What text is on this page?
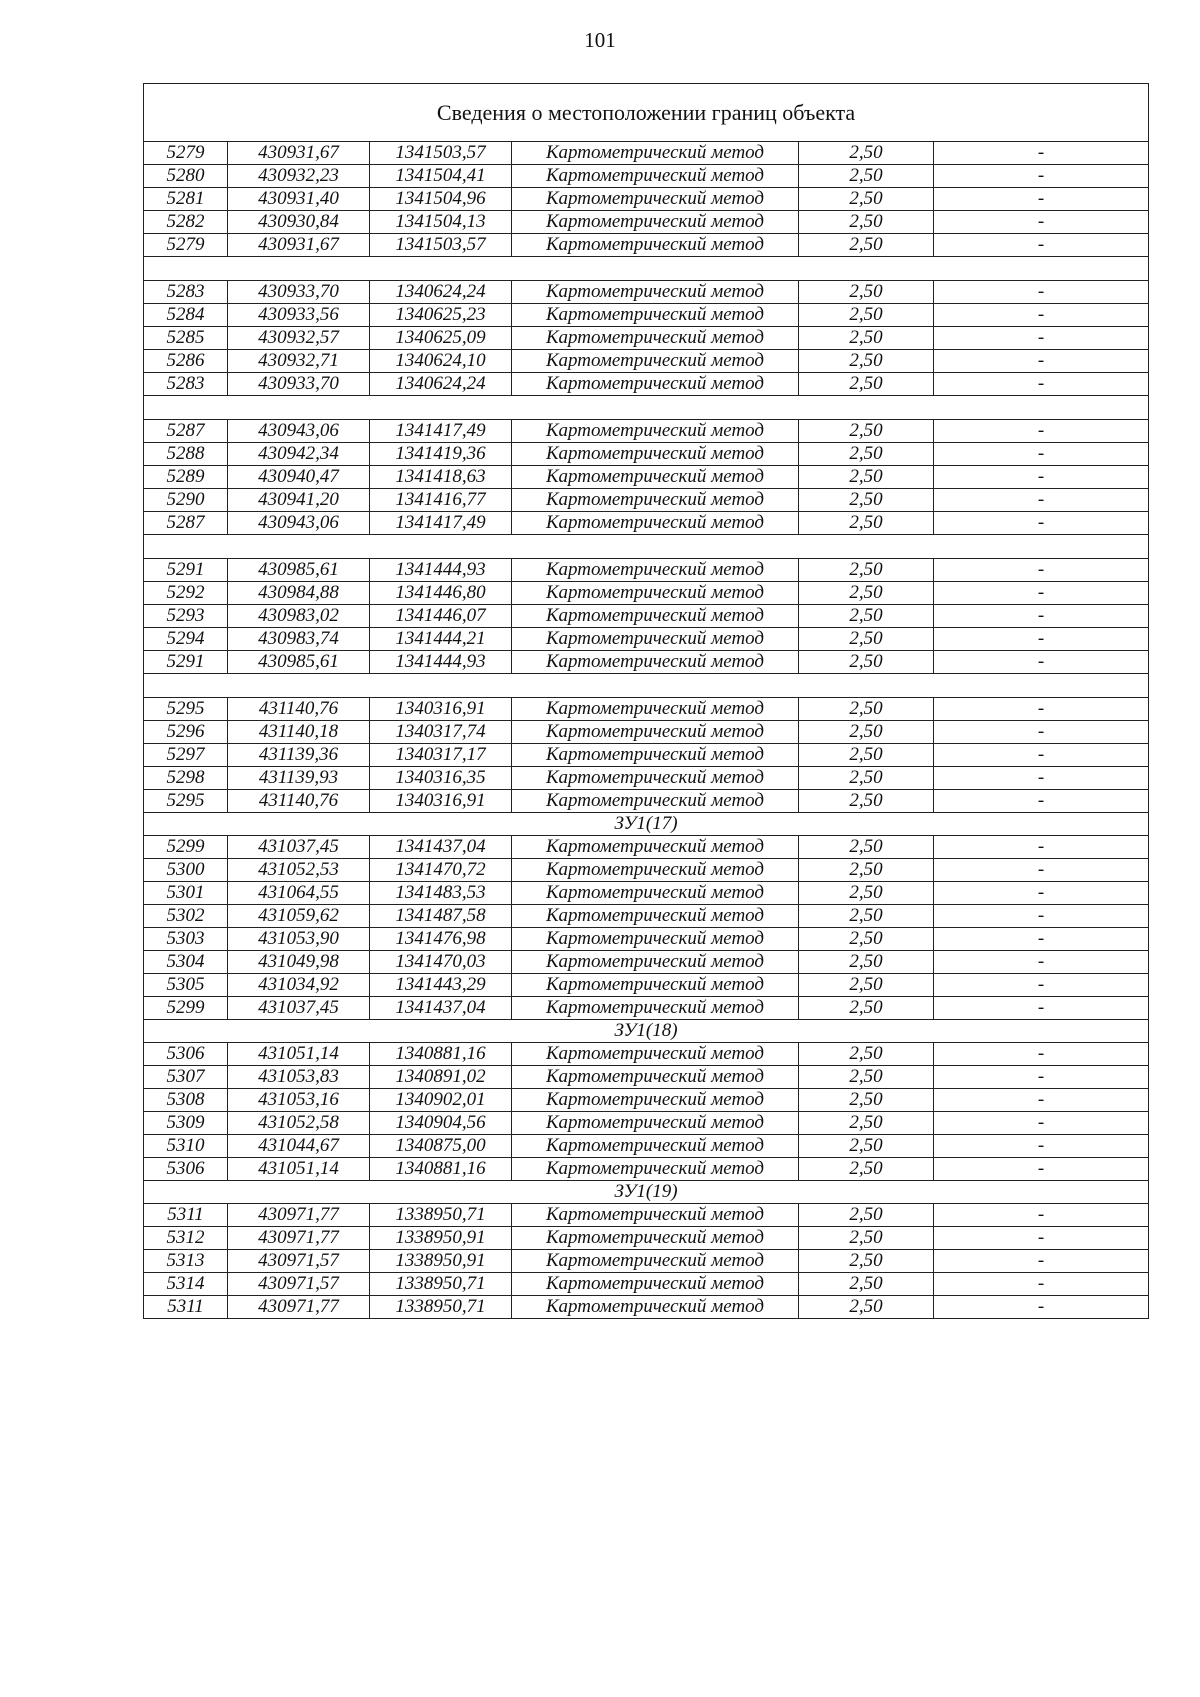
101
Сведения о местоположении границ объекта					
5279	430931,67	1341503,57	Картометрический метод	2,50	-
5280	430932,23	1341504,41	Картометрический метод	2,50	-
5281	430931,40	1341504,96	Картометрический метод	2,50	-
5282	430930,84	1341504,13	Картометрический метод	2,50	-
5279	430931,67	1341503,57	Картометрический метод	2,50	-

5283	430933,70	1340624,24	Картометрический метод	2,50	-
5284	430933,56	1340625,23	Картометрический метод	2,50	-
5285	430932,57	1340625,09	Картометрический метод	2,50	-
5286	430932,71	1340624,10	Картометрический метод	2,50	-
5283	430933,70	1340624,24	Картометрический метод	2,50	-

5287	430943,06	1341417,49	Картометрический метод	2,50	-
5288	430942,34	1341419,36	Картометрический метод	2,50	-
5289	430940,47	1341418,63	Картометрический метод	2,50	-
5290	430941,20	1341416,77	Картометрический метод	2,50	-
5287	430943,06	1341417,49	Картометрический метод	2,50	-

5291	430985,61	1341444,93	Картометрический метод	2,50	-
5292	430984,88	1341446,80	Картометрический метод	2,50	-
5293	430983,02	1341446,07	Картометрический метод	2,50	-
5294	430983,74	1341444,21	Картометрический метод	2,50	-
5291	430985,61	1341444,93	Картометрический метод	2,50	-

5295	431140,76	1340316,91	Картометрический метод	2,50	-
5296	431140,18	1340317,74	Картометрический метод	2,50	-
5297	431139,36	1340317,17	Картометрический метод	2,50	-
5298	431139,93	1340316,35	Картометрический метод	2,50	-
5295	431140,76	1340316,91	Картометрический метод	2,50	-
ЗУ1(17)					
5299	431037,45	1341437,04	Картометрический метод	2,50	-
5300	431052,53	1341470,72	Картометрический метод	2,50	-
5301	431064,55	1341483,53	Картометрический метод	2,50	-
5302	431059,62	1341487,58	Картометрический метод	2,50	-
5303	431053,90	1341476,98	Картометрический метод	2,50	-
5304	431049,98	1341470,03	Картометрический метод	2,50	-
5305	431034,92	1341443,29	Картометрический метод	2,50	-
5299	431037,45	1341437,04	Картометрический метод	2,50	-
ЗУ1(18)					
5306	431051,14	1340881,16	Картометрический метод	2,50	-
5307	431053,83	1340891,02	Картометрический метод	2,50	-
5308	431053,16	1340902,01	Картометрический метод	2,50	-
5309	431052,58	1340904,56	Картометрический метод	2,50	-
5310	431044,67	1340875,00	Картометрический метод	2,50	-
5306	431051,14	1340881,16	Картометрический метод	2,50	-
ЗУ1(19)					
5311	430971,77	1338950,71	Картометрический метод	2,50	-
5312	430971,77	1338950,91	Картометрический метод	2,50	-
5313	430971,57	1338950,91	Картометрический метод	2,50	-
5314	430971,57	1338950,71	Картометрический метод	2,50	-
5311	430971,77	1338950,71	Картометрический метод	2,50	-
